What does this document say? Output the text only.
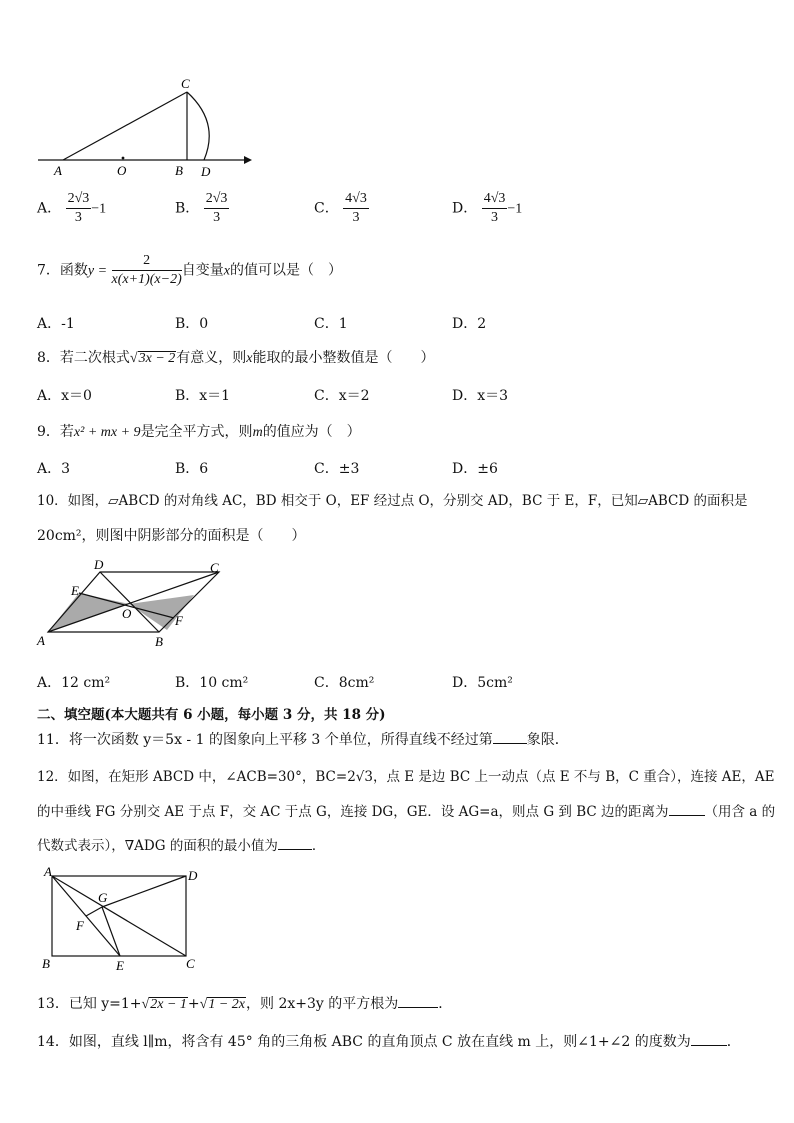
C
A	O	B D
A． $\frac{2√3}{3} -1$	B． $\frac{2√3}{3}$	C． $\frac{4√3}{3}$	D． $\frac{4√3}{3} -1$
7．函数$y = \frac{2}{x(x+1)(x-2)}$ 自变量x的值可以是（　）
A．-1	B．0	C．1	D．2
8．若二次根式√3x − 2有意义，则x能取的最小整数值是（　　）
A．x＝0	B．x＝1	C．x＝2	D．x＝3
9．若x² + mx + 9是完全平方式，则m的值应为（　）
A．3	B．6	C．±3	D．±6
10．如图，▱ABCD 的对角线 AC，BD 相交于 O，EF 经过点 O，分别交 AD，BC 于 E，F，已知▱ABCD 的面积是
20cm²，则图中阴影部分的面积是（　　）
D	C
E
O	F
A	B
A．12 cm²	B．10 cm²	C．8cm²	D．5cm²
二、填空题(本大题共有 6 小题，每小题 3 分，共 18 分)
11．将一次函数 y＝5x - 1 的图象向上平移 3 个单位，所得直线不经过第 象限．
12．如图，在矩形 ABCD 中，∠ACB=30°，BC=2√3，点 E 是边 BC 上一动点（点 E 不与 B，C 重合），连接 AE，AE
的中垂线 FG 分别交 AE 于点 F，交 AC 于点 G，连接 DG，GE．设 AG=a，则点 G 到 BC 边的距离为	（用含 a 的
代数式表示），∇ADG 的面积的最小值为	．
A	D
G
F
B	E	C
13．已知 y=1+√2x − 1+√1 − 2x，则 2x+3y 的平方根为	．
14．如图，直线 l∥m，将含有 45° 角的三角板 ABC 的直角顶点 C 放在直线 m 上，则∠1+∠2 的度数为	．
